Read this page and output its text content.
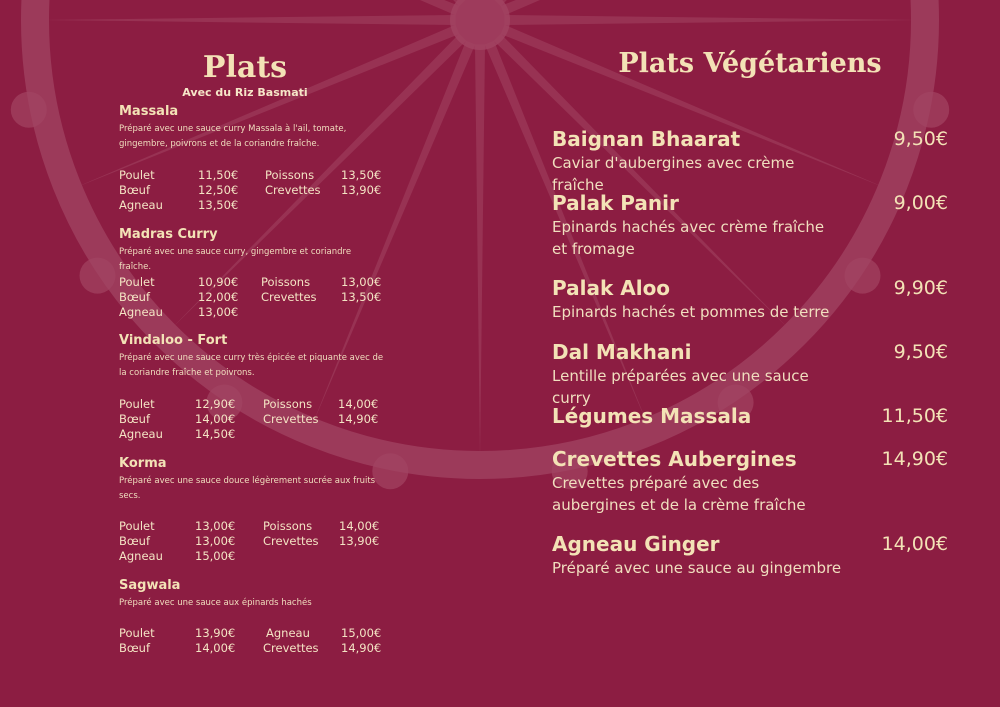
Plats
Avec du Riz Basmati
Massala
Préparé avec une sauce curry Massala à l'ail, tomate, gingembre, poivrons et de la coriandre fraîche.
Poulet	11,50€ Poissons 13,50€
Bœuf	12,50€ Crevettes 13,90€
Agneau	13,50€
Madras Curry
Préparé avec une sauce curry, gingembre et coriandre fraîche.
Poulet	10,90€ Poissons	13,00€
Bœuf	12,00€ Crevettes 13,50€
Agneau	13,00€
Vindaloo - Fort
Préparé avec une sauce curry très épicée et piquante avec de la coriandre fraîche et poivrons.
Poulet	12,90€ Poissons 14,00€
Bœuf	14,00€ Crevettes 14,90€
Agneau	14,50€
Korma
Préparé avec une sauce douce légèrement sucrée aux fruits secs.
Poulet	13,00€ Poissons 14,00€
Bœuf	13,00€ Crevettes 13,90€
Agneau	15,00€
Sagwala
Préparé avec une sauce aux épinards hachés
Poulet	13,90€	Agneau	15,00€
Bœuf	14,00€ Crevettes 14,90€
Plats Végétariens
Baignan Bhaarat	9,50€
Caviar d'aubergines avec crème fraîche
Palak Panir	9,00€
Epinards hachés avec crème fraîche et fromage
Palak Aloo	9,90€
Epinards hachés et pommes de terre
Dal Makhani	9,50€
Lentille préparées avec une sauce curry
Légumes Massala	11,50€
Crevettes Aubergines	14,90€
Crevettes préparé avec des aubergines et de la crème fraîche
Agneau Ginger	14,00€
Préparé avec une sauce au gingembre
